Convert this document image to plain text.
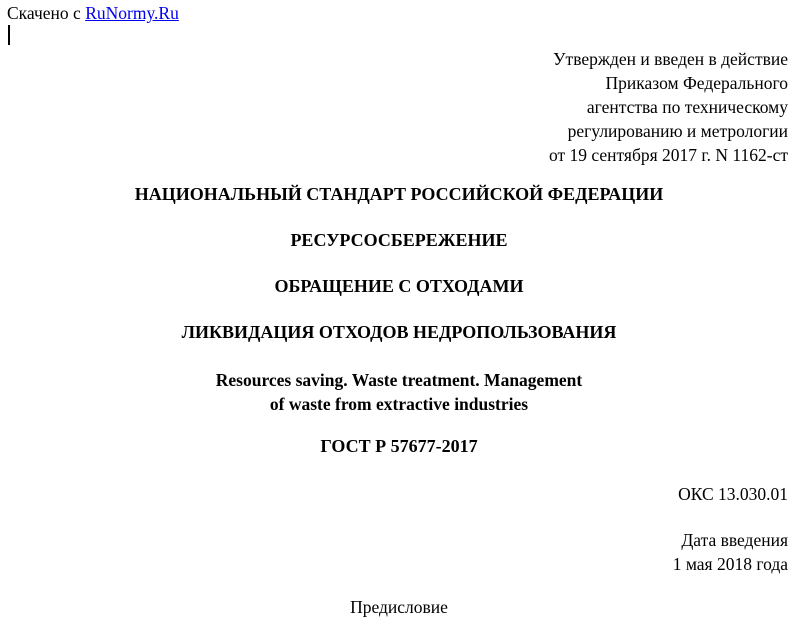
Скачено с RuNormy.Ru
Утвержден и введен в действие
Приказом Федерального
агентства по техническому
регулированию и метрологии
от 19 сентября 2017 г. N 1162-ст
НАЦИОНАЛЬНЫЙ СТАНДАРТ РОССИЙСКОЙ ФЕДЕРАЦИИ
РЕСУРСОСБЕРЕЖЕНИЕ
ОБРАЩЕНИЕ С ОТХОДАМИ
ЛИКВИДАЦИЯ ОТХОДОВ НЕДРОПОЛЬЗОВАНИЯ
Resources saving. Waste treatment. Management
of waste from extractive industries
ГОСТ Р 57677-2017
ОКС 13.030.01
Дата введения
1 мая 2018 года
Предисловие
